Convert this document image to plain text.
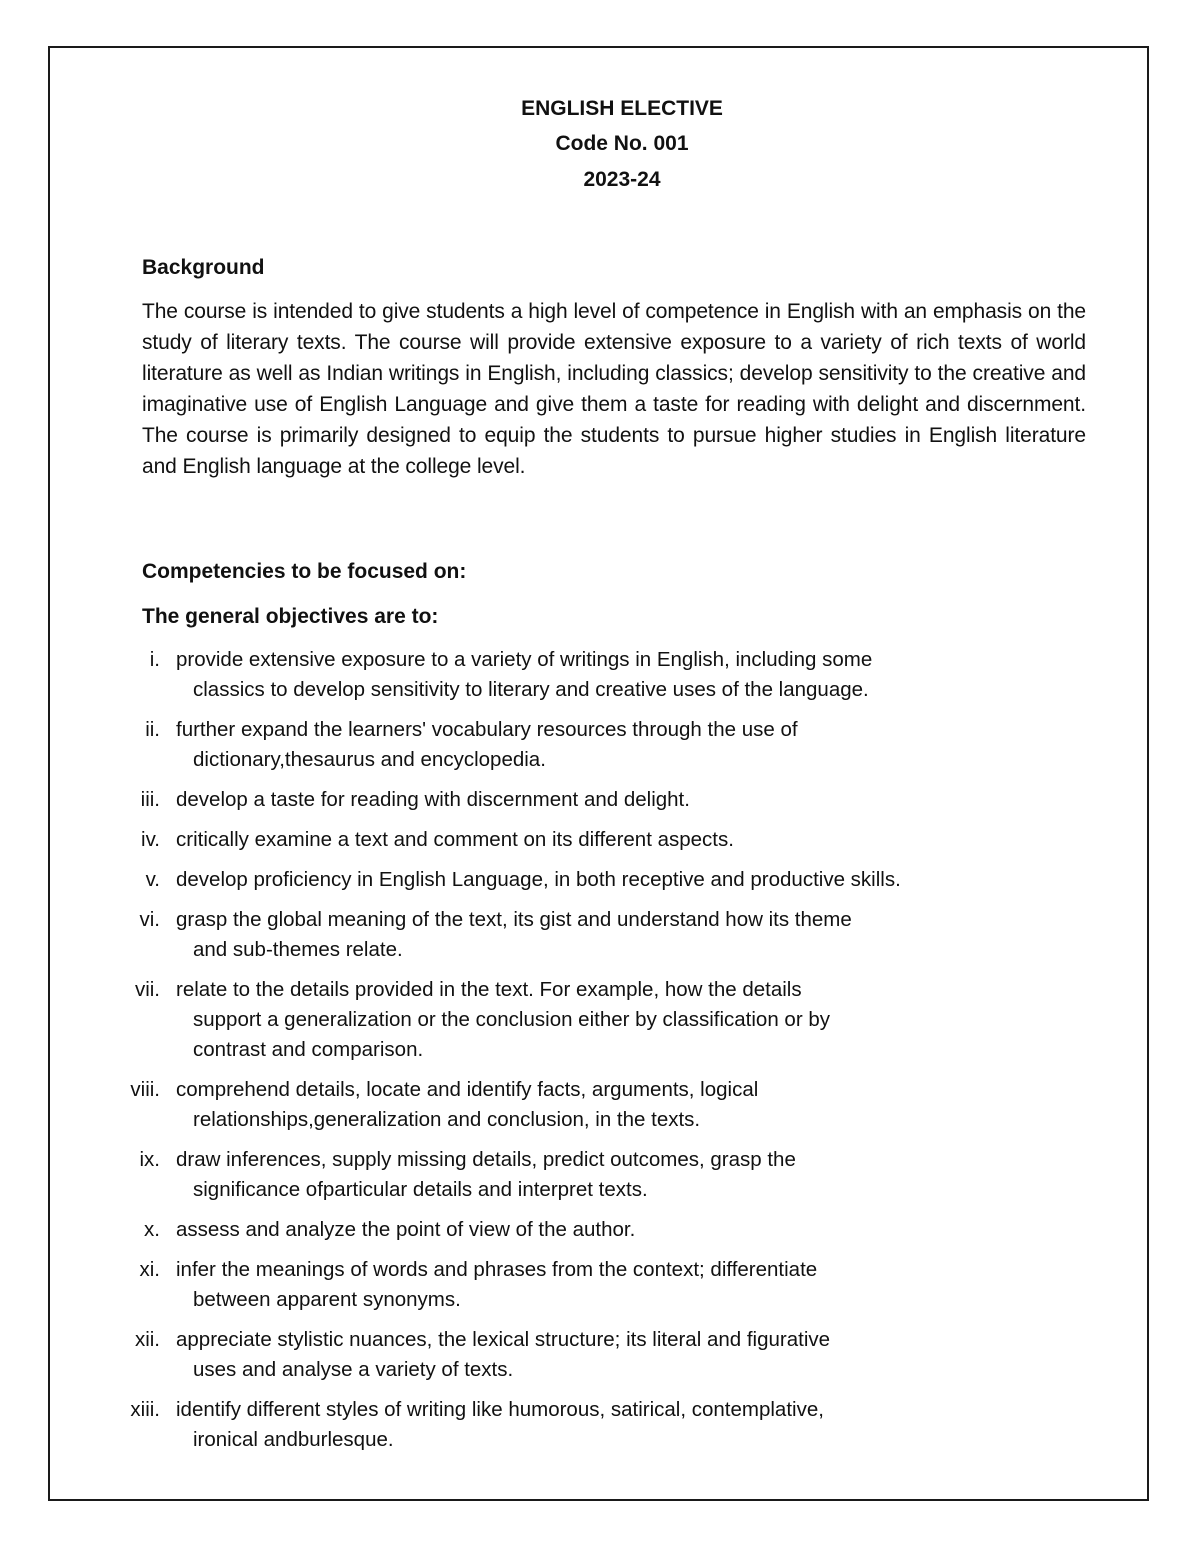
ENGLISH ELECTIVE
Code No. 001
2023-24
Background
The course is intended to give students a high level of competence in English with an emphasis on the study of literary texts. The course will provide extensive exposure to a variety of rich texts of world literature as well as Indian writings in English, including classics; develop sensitivity to the creative and imaginative use of English Language and give them a taste for reading with delight and discernment. The course is primarily designed to equip the students to pursue higher studies in English literature and English language at the college level.
Competencies to be focused on:
The general objectives are to:
i. provide extensive exposure to a variety of writings in English, including some
classics to develop sensitivity to literary and creative uses of the language.
ii. further expand the learners' vocabulary resources through the use of
dictionary,thesaurus and encyclopedia.
iii. develop a taste for reading with discernment and delight.
iv. critically examine a text and comment on its different aspects.
v. develop proficiency in English Language, in both receptive and productive skills.
vi. grasp the global meaning of the text, its gist and understand how its theme
and sub-themes relate.
vii. relate to the details provided in the text. For example, how the details
support a generalization or the conclusion either by classification or by
contrast and comparison.
viii. comprehend details, locate and identify facts, arguments, logical
relationships,generalization and conclusion, in the texts.
ix. draw inferences, supply missing details, predict outcomes, grasp the
significance ofparticular details and interpret texts.
x. assess and analyze the point of view of the author.
xi. infer the meanings of words and phrases from the context; differentiate
between apparent synonyms.
xii. appreciate stylistic nuances, the lexical structure; its literal and figurative
uses and analyse a variety of texts.
xiii. identify different styles of writing like humorous, satirical, contemplative,
ironical andburlesque.
